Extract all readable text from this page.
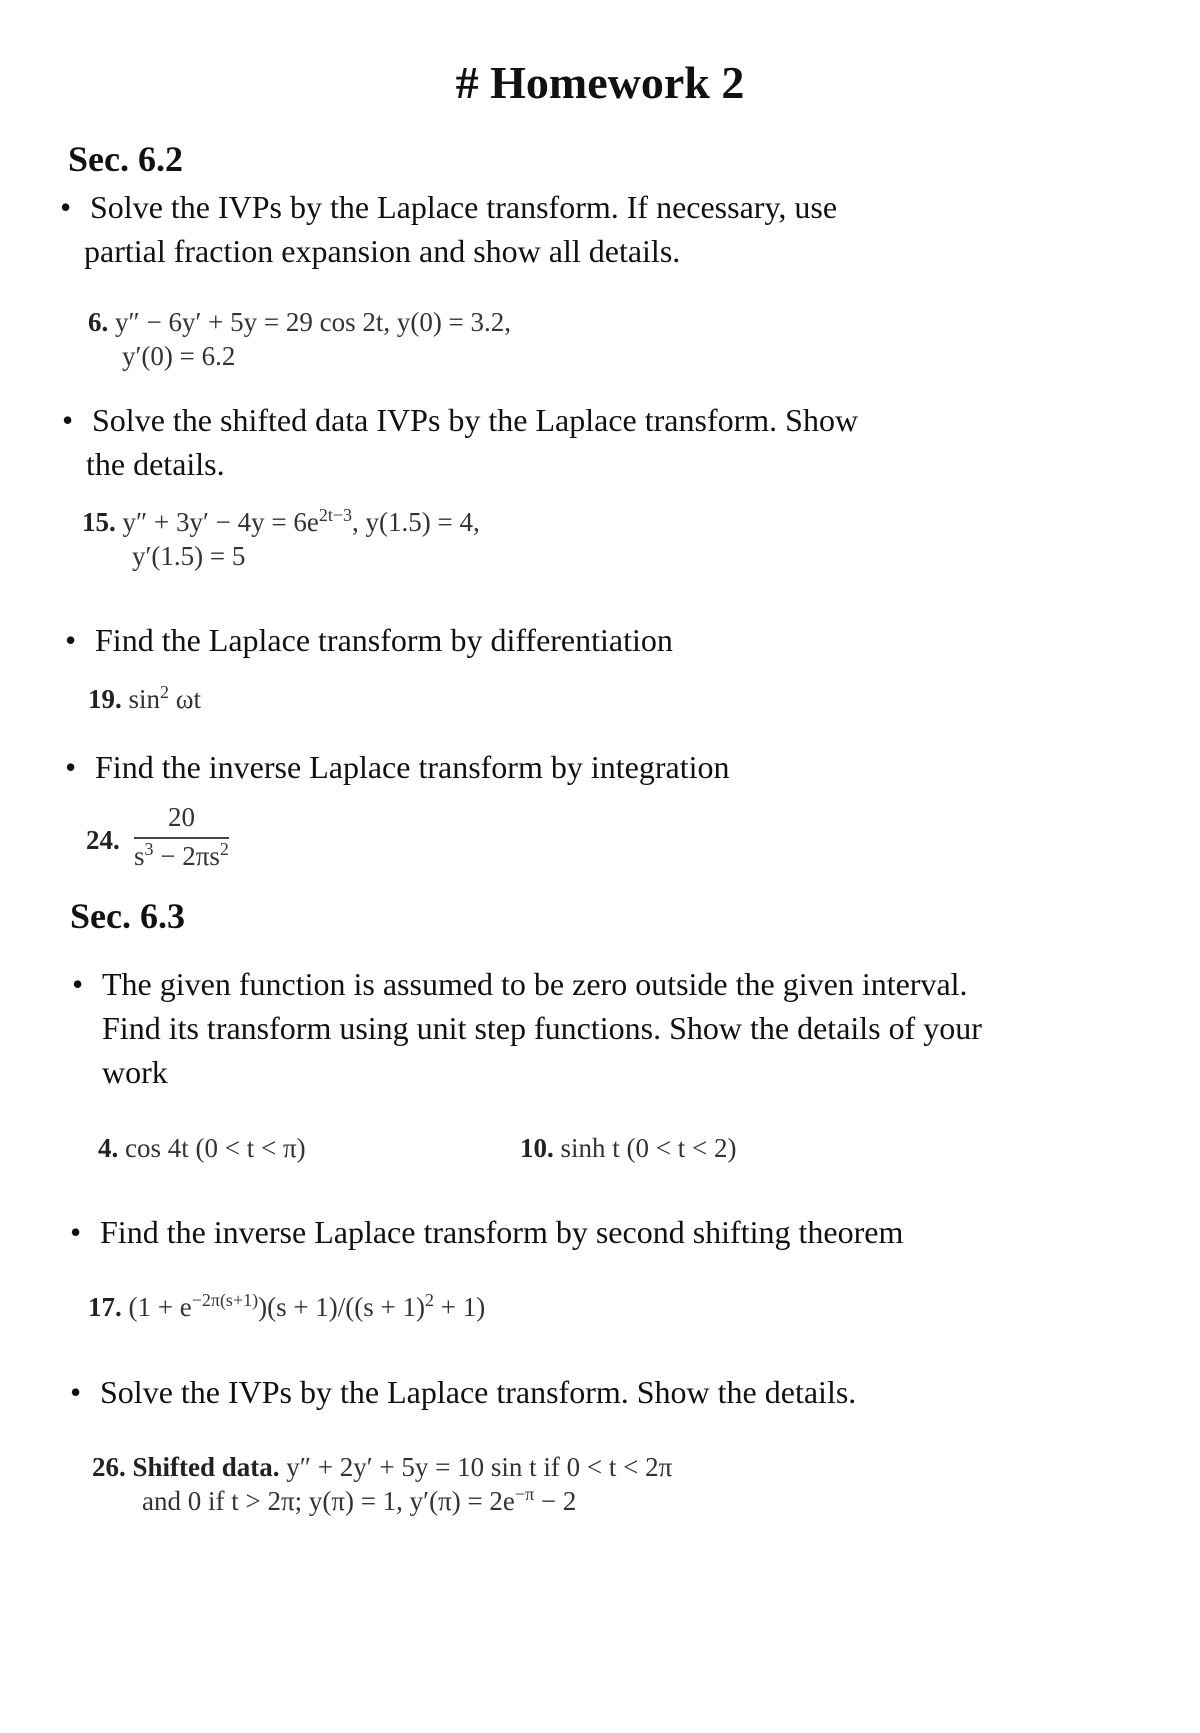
# Homework 2
Sec. 6.2
• Solve the IVPs by the Laplace transform. If necessary, use
partial fraction expansion and show all details.
6. y″ − 6y′ + 5y = 29 cos 2t, y(0) = 3.2,
y′(0) = 6.2
• Solve the shifted data IVPs by the Laplace transform. Show
the details.
15. $y'' + 3y' - 4y = 6e^{2t-3}$, y(1.5) = 4,
y′(1.5) = 5
• Find the Laplace transform by differentiation
19. $\sin^2 \omega t$
• Find the inverse Laplace transform by integration
24. $\frac{20}{s^3 - 2\pi s^2}$
Sec. 6.3
• The given function is assumed to be zero outside the given interval.
Find its transform using unit step functions. Show the details of your
work
4. cos 4t (0 < t < π)	10. sinh t (0 < t < 2)
• Find the inverse Laplace transform by second shifting theorem
17. $(1 + e^{-2\pi(s+1)})(s + 1)/((s + 1)^2 + 1)$
• Solve the IVPs by the Laplace transform. Show the details.
26. Shifted data. y″ + 2y′ + 5y = 10 sin t if 0 < t < 2π
and 0 if t > 2π; y(π) = 1, $y'(\pi) = 2e^{-\pi} - 2$
